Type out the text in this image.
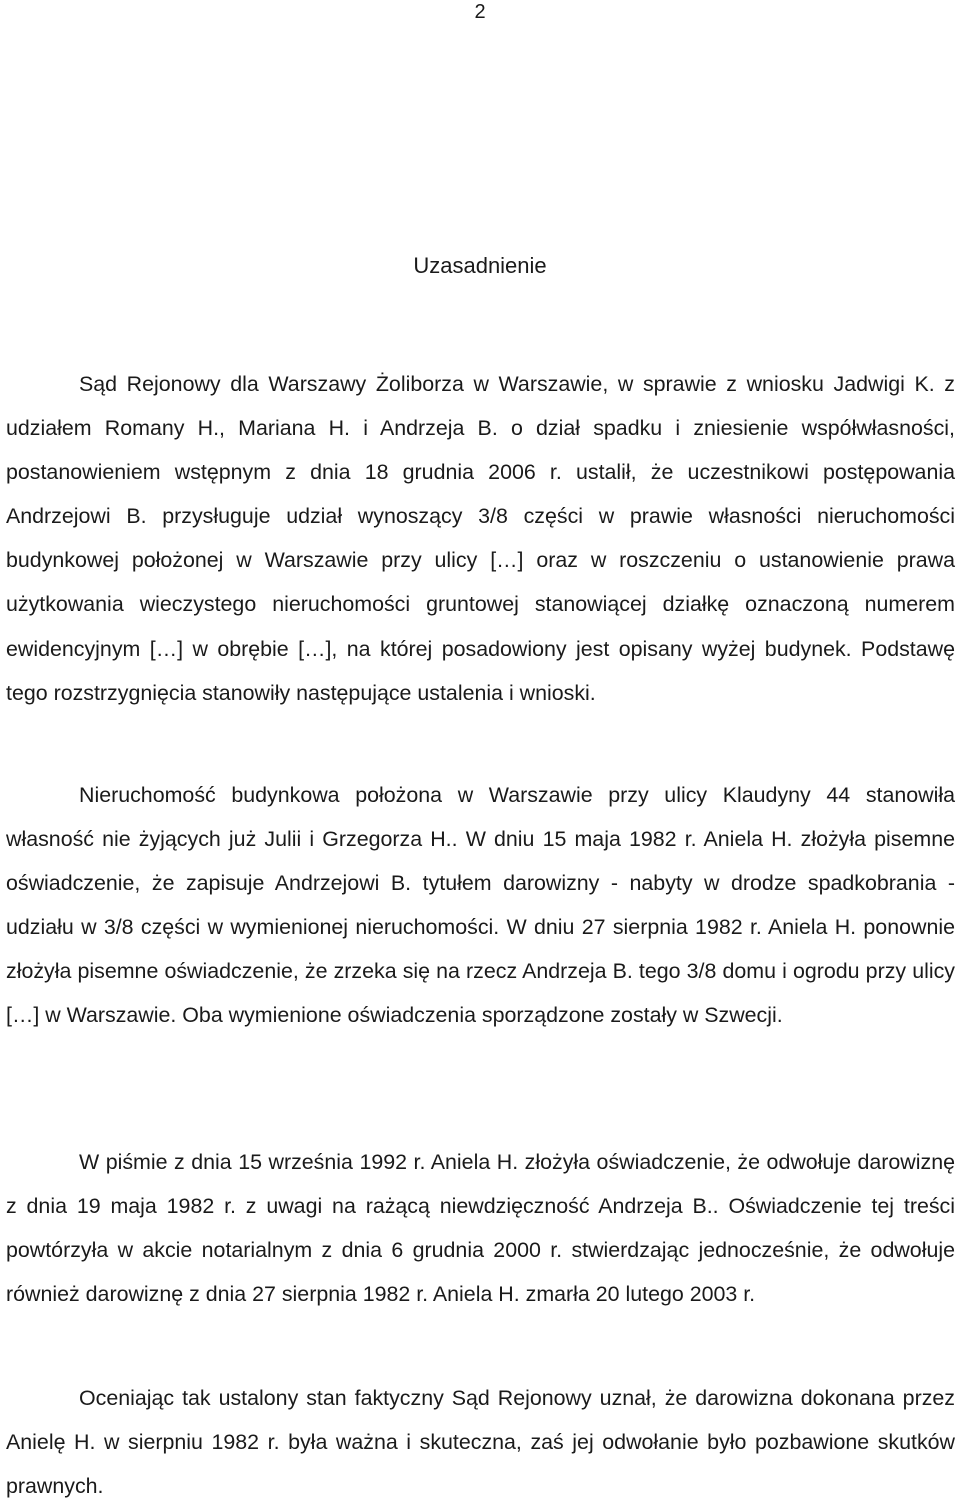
2
Uzasadnienie

Sąd Rejonowy dla Warszawy Żoliborza w Warszawie, w sprawie z wniosku Jadwigi K. z udziałem Romany H., Mariana H. i Andrzeja B. o dział spadku i zniesienie współwłasności, postanowieniem wstępnym z dnia 18 grudnia 2006 r. ustalił, że uczestnikowi postępowania Andrzejowi B. przysługuje udział wynoszący 3/8 części w prawie własności nieruchomości budynkowej położonej w Warszawie przy ulicy […] oraz w roszczeniu o ustanowienie prawa użytkowania wieczystego nieruchomości gruntowej stanowiącej działkę oznaczoną numerem ewidencyjnym […] w obrębie […], na której posadowiony jest opisany wyżej budynek. Podstawę tego rozstrzygnięcia stanowiły następujące ustalenia i wnioski.

Nieruchomość budynkowa położona w Warszawie przy ulicy Klaudyny 44 stanowiła własność nie żyjących już Julii i Grzegorza H.. W dniu 15 maja 1982 r. Aniela H. złożyła pisemne oświadczenie, że zapisuje Andrzejowi B. tytułem darowizny - nabyty w drodze spadkobrania - udziału w 3/8 części w wymienionej nieruchomości. W dniu 27 sierpnia 1982 r. Aniela H. ponownie złożyła pisemne oświadczenie, że zrzeka się na rzecz Andrzeja B. tego 3/8 domu i ogrodu przy ulicy […] w Warszawie. Oba wymienione oświadczenia sporządzone zostały w Szwecji.

W piśmie z dnia 15 września 1992 r. Aniela H. złożyła oświadczenie, że odwołuje darowiznę z dnia 19 maja 1982 r. z uwagi na rażącą niewdzięczność Andrzeja B.. Oświadczenie tej treści powtórzyła w akcie notarialnym z dnia 6 grudnia 2000 r. stwierdzając jednocześnie, że odwołuje również darowiznę z dnia 27 sierpnia 1982 r. Aniela H. zmarła 20 lutego 2003 r.

Oceniając tak ustalony stan faktyczny Sąd Rejonowy uznał, że darowizna dokonana przez Anielę H. w sierpniu 1982 r. była ważna i skuteczna, zaś jej odwołanie było pozbawione skutków prawnych.
